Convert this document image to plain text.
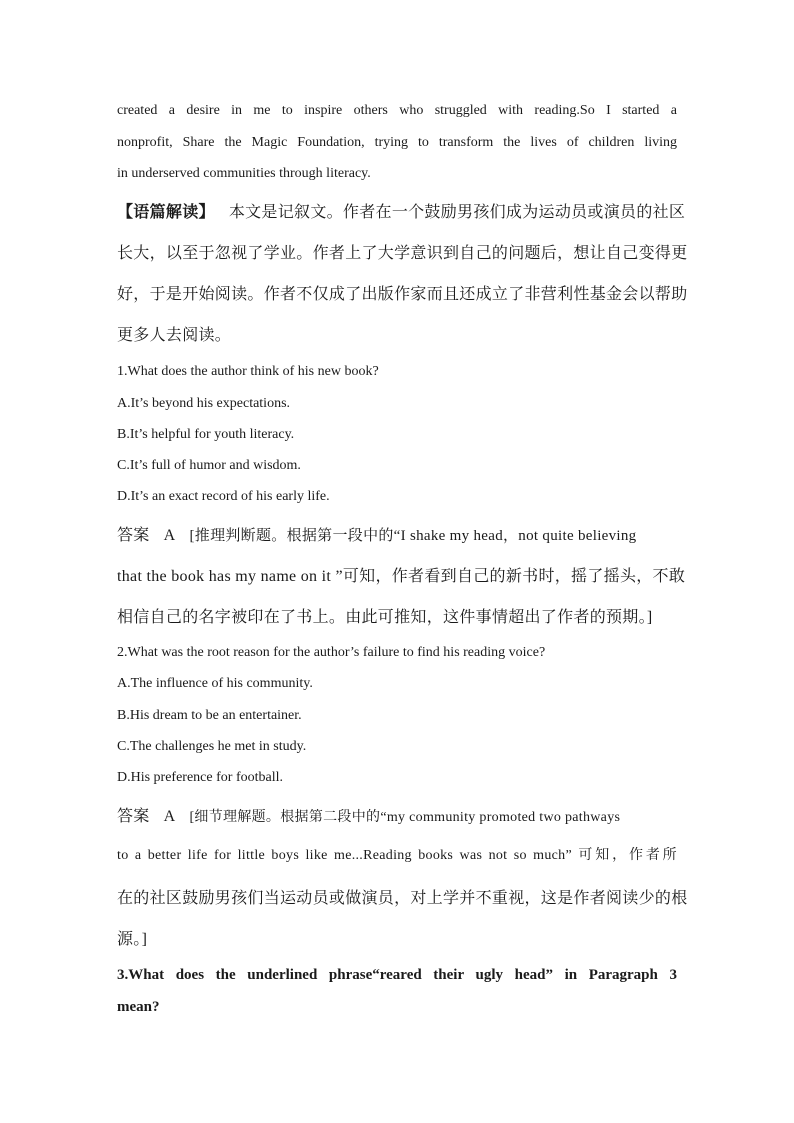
created a desire in me to inspire others who struggled with reading.So I started a
nonprofit, Share the Magic Foundation, trying to transform the lives of children living
in underserved communities through literacy.
【语篇解读】 本文是记叙文。作者在一个鼓励男孩们成为运动员或演员的社区
长大，以至于忽视了学业。作者上了大学意识到自己的问题后，想让自己变得更
好，于是开始阅读。作者不仅成了出版作家而且还成立了非营利性基金会以帮助
更多人去阅读。
1.What does the author think of his new book?
A.It’s beyond his expectations.
B.It’s helpful for youth literacy.
C.It’s full of humor and wisdom.
D.It’s an exact record of his early life.
答案 A [推理判断题。根据第一段中的“I shake my head，not quite believing
that the book has my name on it ”可知，作者看到自己的新书时，摇了摇头，不敢
相信自己的名字被印在了书上。由此可推知，这件事情超出了作者的预期。]
2.What was the root reason for the author’s failure to find his reading voice?
A.The influence of his community.
B.His dream to be an entertainer.
C.The challenges he met in study.
D.His preference for football.
答案 A [细节理解题。根据第二段中的“my community promoted two pathways
to a better life for little boys like me...Reading books was not so much” 可知，作者所
在的社区鼓励男孩们当运动员或做演员，对上学并不重视，这是作者阅读少的根
源。]
3.What does the underlined phrase“reared their ugly head” in Paragraph 3
mean?
